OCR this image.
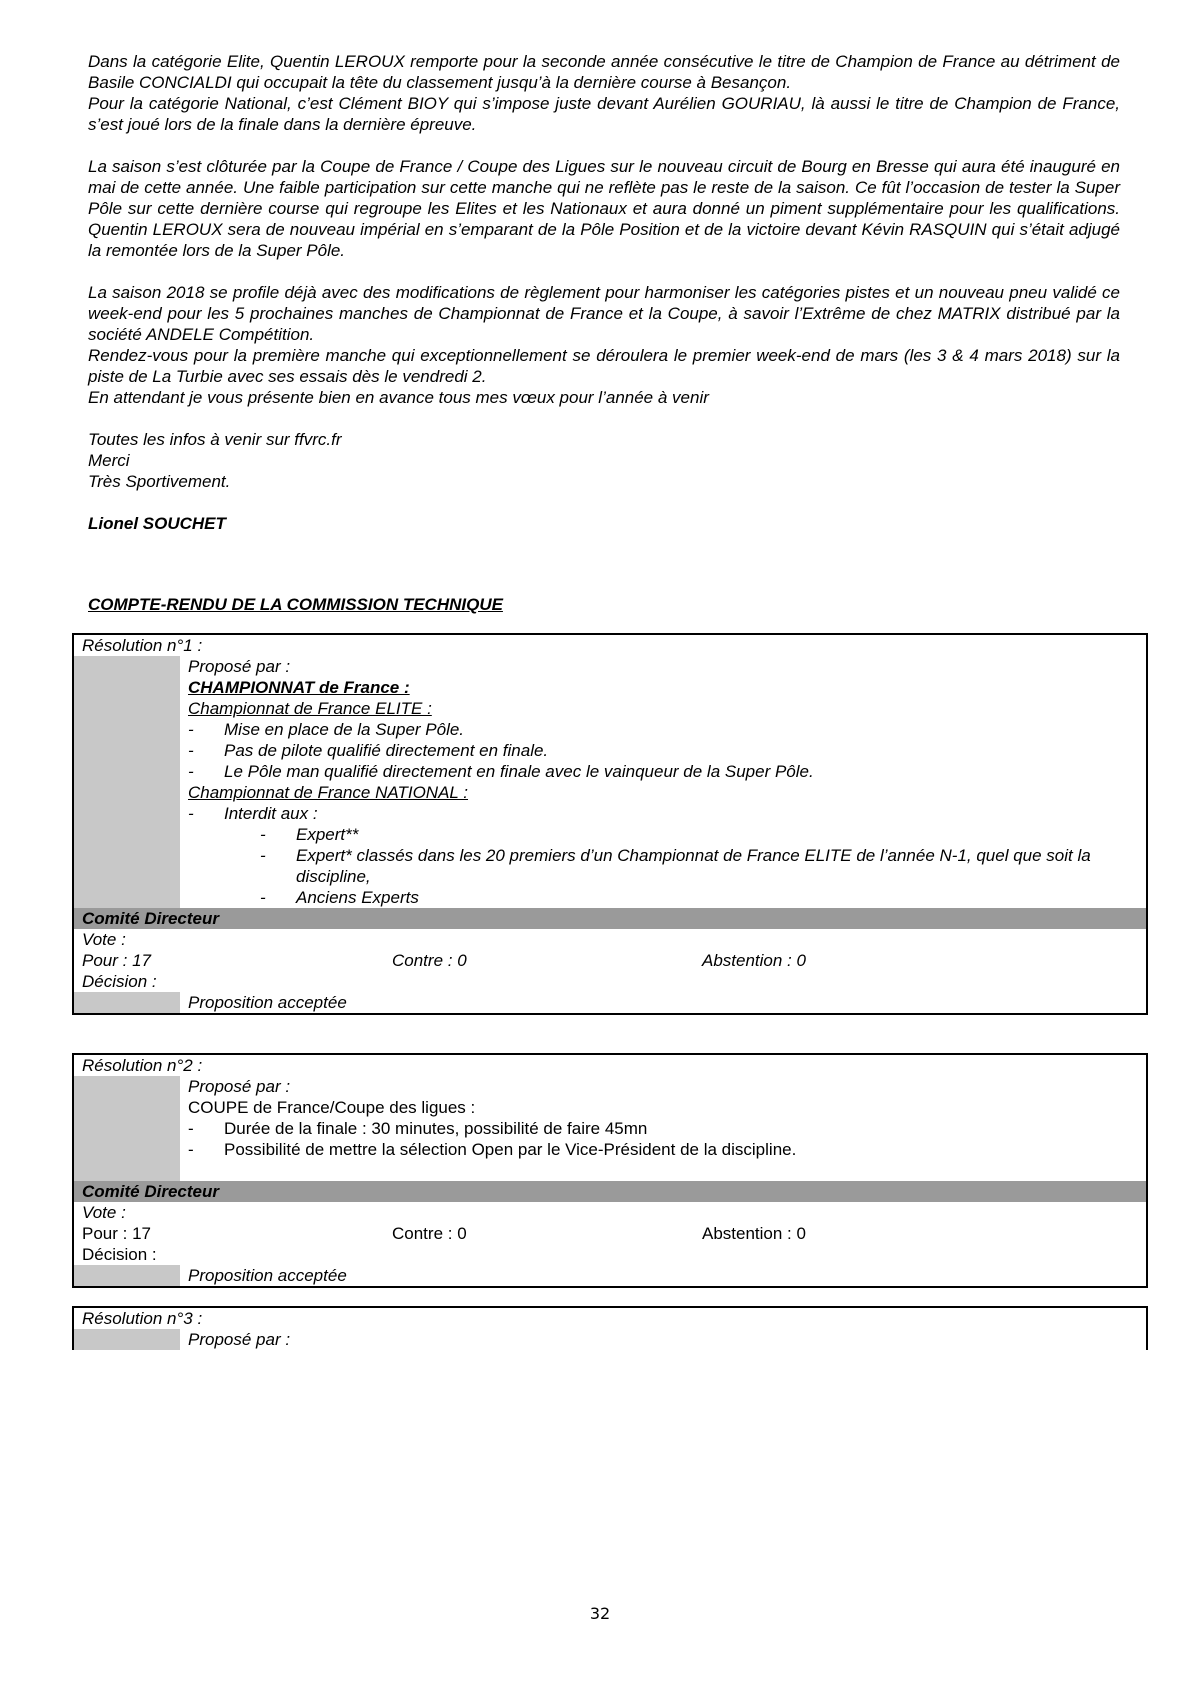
Dans la catégorie Elite, Quentin LEROUX remporte pour la seconde année consécutive le titre de Champion de France au détriment de Basile CONCIALDI qui occupait la tête du classement jusqu’à la dernière course à Besançon.

Pour la catégorie National, c’est Clément BIOY qui s’impose juste devant Aurélien GOURIAU, là aussi le titre de Champion de France, s’est joué lors de la finale dans la dernière épreuve.

La saison s’est clôturée par la Coupe de France / Coupe des Ligues sur le nouveau circuit de Bourg en Bresse qui aura été inauguré en mai de cette année. Une faible participation sur cette manche qui ne reflète pas le reste de la saison. Ce fût l’occasion de tester la Super Pôle sur cette dernière course qui regroupe les Elites et les Nationaux et aura donné un piment supplémentaire pour les qualifications. Quentin LEROUX sera de nouveau impérial en s’emparant de la Pôle Position et de la victoire devant Kévin RASQUIN qui s’était adjugé la remontée lors de la Super Pôle.

La saison 2018 se profile déjà avec des modifications de règlement pour harmoniser les catégories pistes et un nouveau pneu validé ce week-end pour les 5 prochaines manches de Championnat de France et la Coupe, à savoir l’Extrême de chez MATRIX distribué par la société ANDELE Compétition.

Rendez-vous pour la première manche qui exceptionnellement se déroulera le premier week-end de mars (les 3 & 4 mars 2018) sur la piste de La Turbie avec ses essais dès le vendredi 2.

En attendant je vous présente bien en avance tous mes vœux pour l’année à venir

Toutes les infos à venir sur ffvrc.fr

Merci

Très Sportivement.

Lionel SOUCHET

COMPTE-RENDU DE LA COMMISSION TECHNIQUE
Résolution n°1 :
Proposé par :
CHAMPIONNAT de France :
Championnat de France ELITE :
-	Mise en place de la Super Pôle.
-	Pas de pilote qualifié directement en finale.
-	Le Pôle man qualifié directement en finale avec le vainqueur de la Super Pôle.
Championnat de France NATIONAL :
-	Interdit aux :
-	Expert**
-	Expert* classés dans les 20 premiers d’un Championnat de France ELITE de l’année N-1, quel que soit la discipline,
-	Anciens Experts
Comité Directeur
Vote :
Pour : 17	Contre : 0	Abstention : 0
Décision :
Proposition acceptée
Résolution n°2 :
Proposé par :
COUPE de France/Coupe des ligues :
-	Durée de la finale : 30 minutes, possibilité de faire 45mn
-	Possibilité de mettre la sélection Open par le Vice-Président de la discipline.
Comité Directeur
Vote :
Pour : 17	Contre : 0	Abstention : 0
Décision :
Proposition acceptée
Résolution n°3 :
Proposé par :
32
